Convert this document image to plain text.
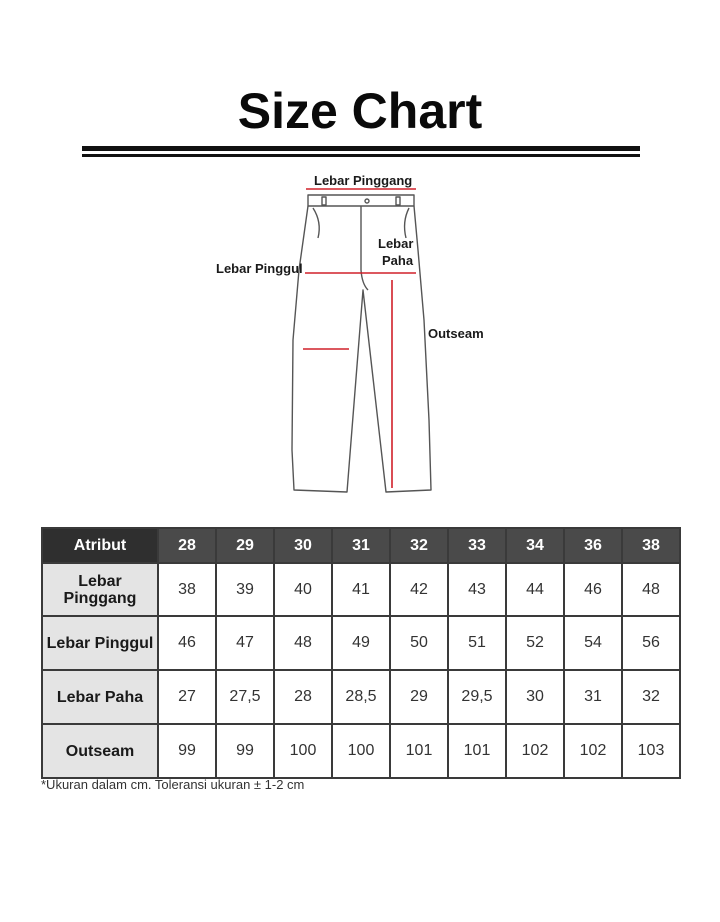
Size Chart
Lebar Pinggang
Lebar Pinggul
Lebar
Paha
Outseam
Atribut	28	29	30	31	32	33	34	36	38

Lebar
Pinggang	38	39	40	41	42	43	44	46	48

Lebar Pinggul	46	47	48	49	50	51	52	54	56

Lebar Paha	27	27,5	28	28,5	29	29,5	30	31	32

Outseam	99	99	100	100	101	101	102	102	103
*Ukuran dalam cm. Toleransi ukuran ± 1-2 cm
